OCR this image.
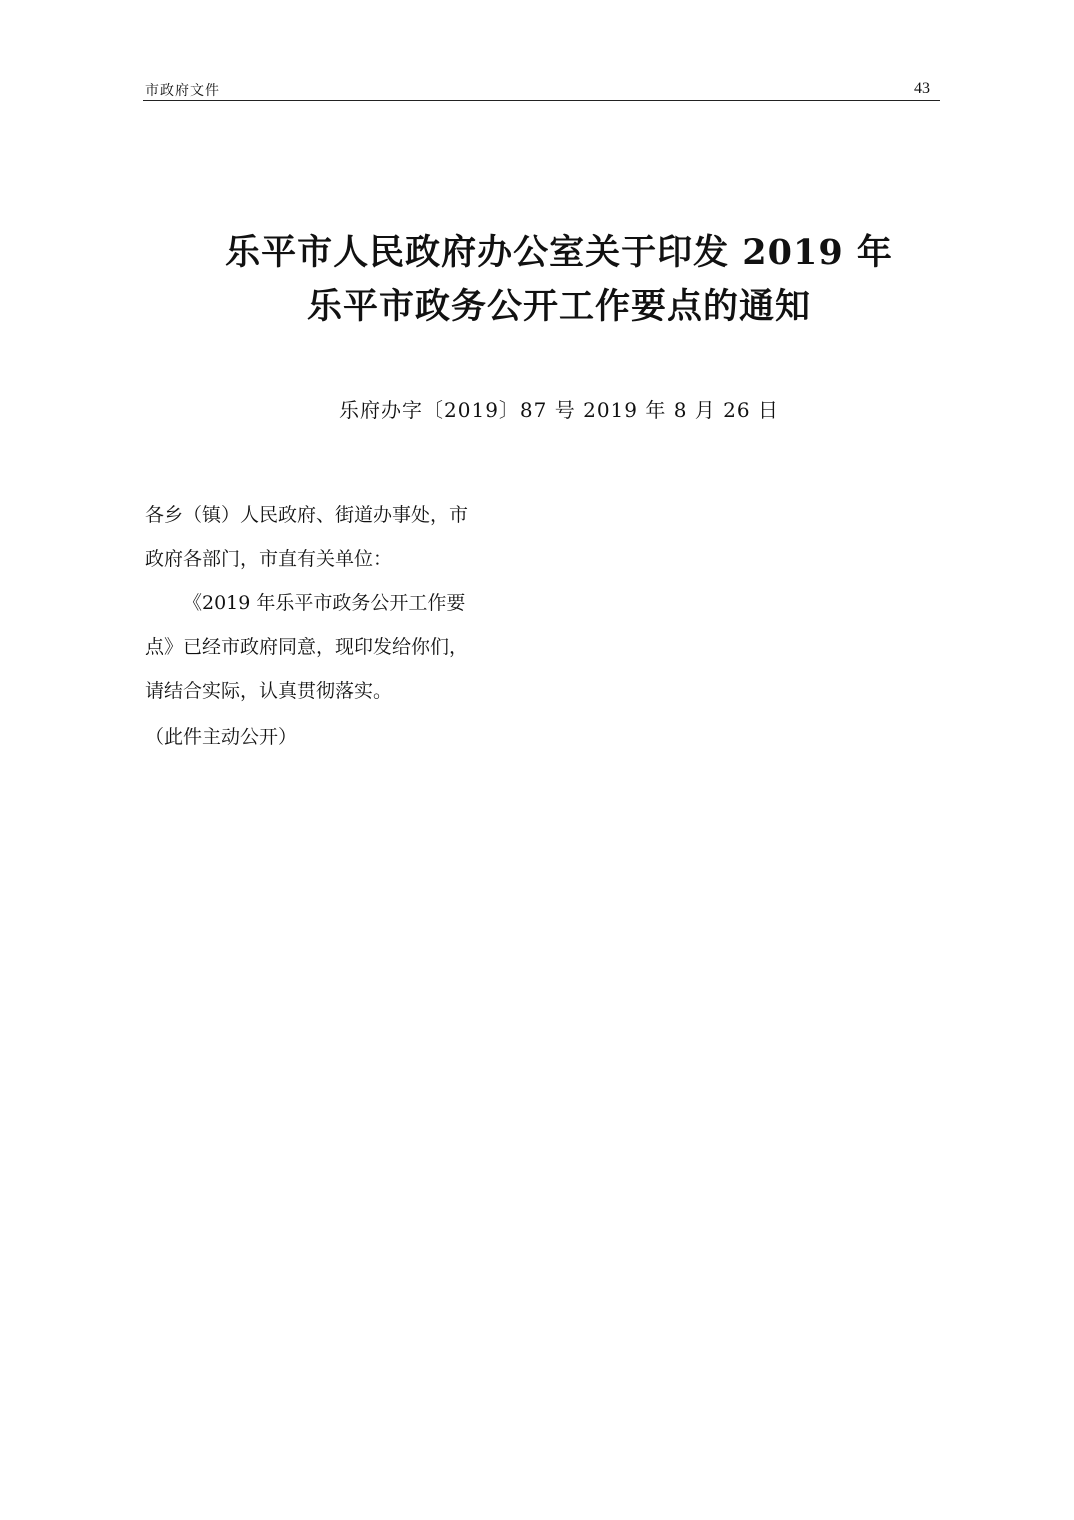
市政府文件	43
乐平市人民政府办公室关于印发 2019 年
乐平市政务公开工作要点的通知
乐府办字〔2019〕87 号 2019 年 8 月 26 日

各乡（镇）人民政府、街道办事处，市

政府各部门，市直有关单位：

《2019 年乐平市政务公开工作要

点》已经市政府同意，现印发给你们，

请结合实际，认真贯彻落实。

（此件主动公开）
